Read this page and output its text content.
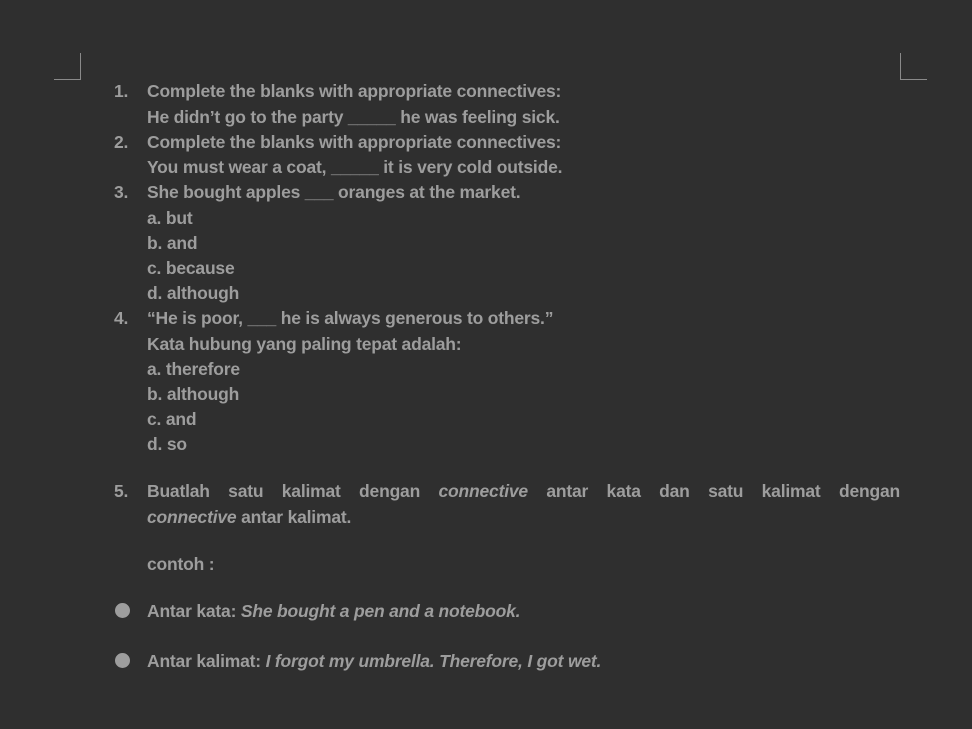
1. Complete the blanks with appropriate connectives:
He didn’t go to the party _____ he was feeling sick.
2. Complete the blanks with appropriate connectives:
You must wear a coat, _____ it is very cold outside.
3. She bought apples ___ oranges at the market.
a. but
b. and
c. because
d. although
4. “He is poor, ___ he is always generous to others.”
Kata hubung yang paling tepat adalah:
a. therefore
b. although
c. and
d. so
5. Buatlah satu kalimat dengan connective antar kata dan satu kalimat dengan
connective antar kalimat.
contoh :
Antar kata: She bought a pen and a notebook.
Antar kalimat: I forgot my umbrella. Therefore, I got wet.
